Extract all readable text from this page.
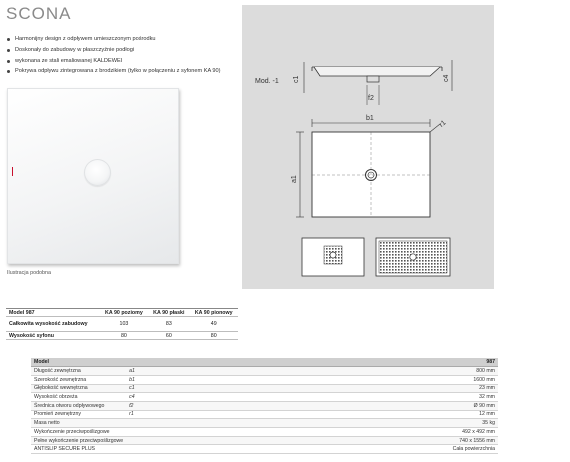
SCONA
Harmonijny design z odpływem umieszczonym pośrodku
Doskonały do zabudowy w płaszczyźnie podłogi
wykonana ze stali emaliowanej KALDEWEI
Pokrywa odpływu zintegrowana z brodzikiem (tylko w połączeniu z syfonem KA 90)
Ilustracja podobna
Mod. -1 c1	c4
f2
b1
a1
r1
Model 987	KA 90 poziomy	KA 90 płaski	KA 90 pionowy
Całkowita wysokość zabudowy	103	83	49
Wysokość syfonu	80	60	80
Model		987
Długość zewnętrzna	a1	800 mm
Szerokość zewnętrzna	b1	1600 mm
Głębokość wewnętrzna	c1	23 mm
Wysokość obrzeża	c4	32 mm
Średnica otworu odpływowego	f2	Ø 90 mm
Promień zewnętrzny	r1	12 mm
Masa netto		35 kg
Wykończenie przeciwpoślizgowe		492 x 492 mm
Pełne wykończenie przeciwpoślizgowe		740 x 1556 mm
ANTISLIP SECURE PLUS		Cała powierzchnia
